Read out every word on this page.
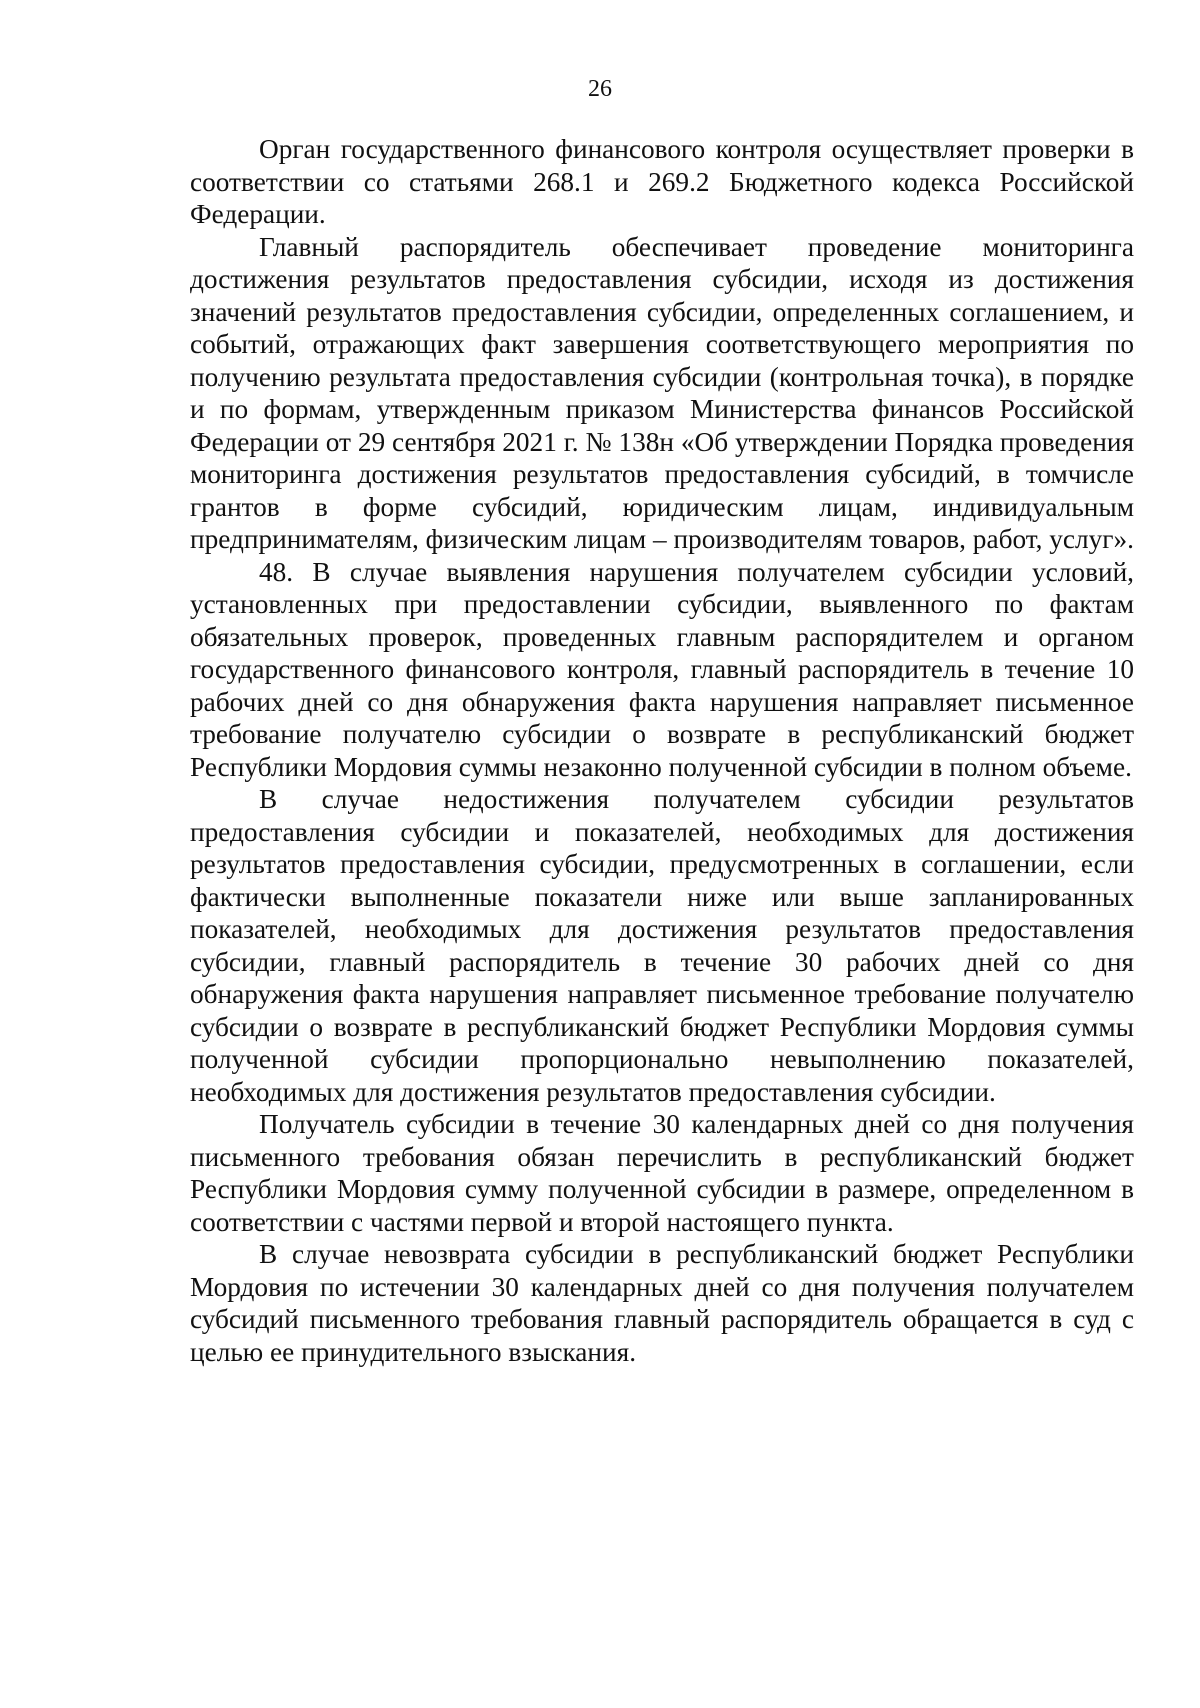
26

Орган государственного финансового контроля осуществляет проверки в соответствии со статьями 268.1 и 269.2 Бюджетного кодекса Российской Федерации.

Главный распорядитель обеспечивает проведение мониторинга достижения результатов предоставления субсидии, исходя из достижения значений результатов предоставления субсидии, определенных соглашением, и событий, отражающих факт завершения соответствующего мероприятия по получению результата предоставления субсидии (контрольная точка), в порядке и по формам, утвержденным приказом Министерства финансов Российской Федерации от 29 сентября 2021 г. № 138н «Об утверждении Порядка проведения мониторинга достижения результатов предоставления субсидий, в томчисле грантов в форме субсидий, юридическим лицам, индивидуальным предпринимателям, физическим лицам – производителям товаров, работ, услуг».

48. В случае выявления нарушения получателем субсидии условий, установленных при предоставлении субсидии, выявленного по фактам обязательных проверок, проведенных главным распорядителем и органом государственного финансового контроля, главный распорядитель в течение 10 рабочих дней со дня обнаружения факта нарушения направляет письменное требование получателю субсидии о возврате в республиканский бюджет Республики Мордовия суммы незаконно полученной субсидии в полном объеме.

В случае недостижения получателем субсидии результатов предоставления субсидии и показателей, необходимых для достижения результатов предоставления субсидии, предусмотренных в соглашении, если фактически выполненные показатели ниже или выше запланированных показателей, необходимых для достижения результатов предоставления субсидии, главный распорядитель в течение 30 рабочих дней со дня обнаружения факта нарушения направляет письменное требование получателю субсидии о возврате в республиканский бюджет Республики Мордовия суммы полученной субсидии пропорционально невыполнению показателей, необходимых для достижения результатов предоставления субсидии.

Получатель субсидии в течение 30 календарных дней со дня получения письменного требования обязан перечислить в республиканский бюджет Республики Мордовия сумму полученной субсидии в размере, определенном в соответствии с частями первой и второй настоящего пункта.

В случае невозврата субсидии в республиканский бюджет Республики Мордовия по истечении 30 календарных дней со дня получения получателем субсидий письменного требования главный распорядитель обращается в суд с целью ее принудительного взыскания.
